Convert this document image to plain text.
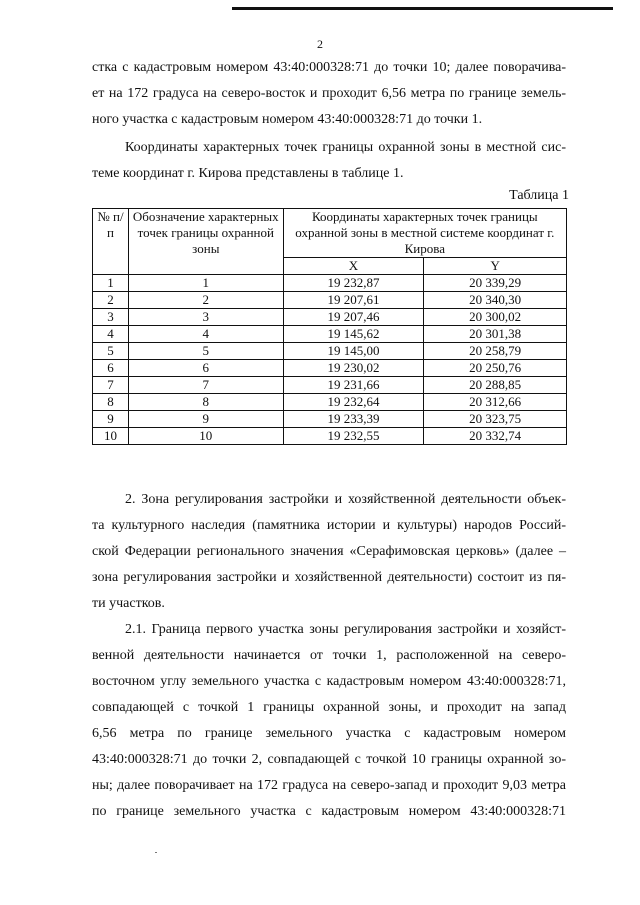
2
стка с кадастровым номером 43:40:000328:71 до точки 10; далее поворачива-
ет на 172 градуса на северо-восток и проходит 6,56 метра по границе земель-
ного участка с кадастровым номером 43:40:000328:71 до точки 1.
Координаты характерных точек границы охранной зоны в местной сис-
теме координат г. Кирова представлены в таблице 1.
Таблица 1
№ п/п	Обозначение характерных точек границы охранной зоны	Координаты характерных точек границы охранной зоны в местной системе координат г. Кирова	
		X	Y
1	1	19 232,87	20 339,29
2	2	19 207,61	20 340,30
3	3	19 207,46	20 300,02
4	4	19 145,62	20 301,38
5	5	19 145,00	20 258,79
6	6	19 230,02	20 250,76
7	7	19 231,66	20 288,85
8	8	19 232,64	20 312,66
9	9	19 233,39	20 323,75
10	10	19 232,55	20 332,74
2. Зона регулирования застройки и хозяйственной деятельности объек-
та культурного наследия (памятника истории и культуры) народов Россий-
ской Федерации регионального значения «Серафимовская церковь» (далее –
зона регулирования застройки и хозяйственной деятельности) состоит из пя-
ти участков.
2.1. Граница первого участка зоны регулирования застройки и хозяйст-
венной деятельности начинается от точки 1, расположенной на северо-
восточном углу земельного участка с кадастровым номером 43:40:000328:71,
совпадающей с точкой 1 границы охранной зоны, и проходит на запад
6,56 метра по границе земельного участка с кадастровым номером
43:40:000328:71 до точки 2, совпадающей с точкой 10 границы охранной зо-
ны; далее поворачивает на 172 градуса на северо-запад и проходит 9,03 метра
по границе земельного участка с кадастровым номером 43:40:000328:71
